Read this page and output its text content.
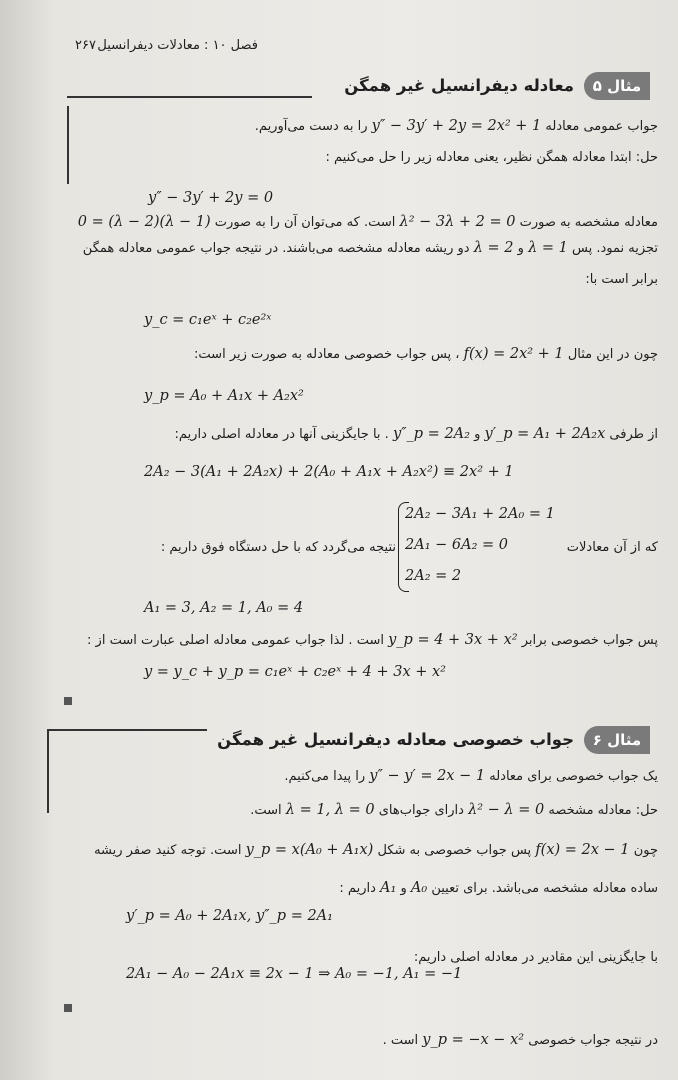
فصل ۱۰ : معادلات دیفرانسیل
۲۶۷
مثال ۵
معادله دیفرانسیل غیر همگن
جواب عمومی معادله y″ − 3y′ + 2y = 2x² + 1 را به دست می‌آوریم.
حل: ابتدا معادله همگن نظیر، یعنی معادله زیر را حل می‌کنیم :
y″ − 3y′ + 2y = 0
معادله مشخصه به صورت λ² − 3λ + 2 = 0 است. که می‌توان آن را به صورت (λ − 1)(λ − 2) = 0
تجزیه نمود. پس λ = 1 و λ = 2 دو ریشه معادله مشخصه می‌باشند. در نتیجه جواب عمومی معادله همگن
برابر است با:
y_c = c₁eˣ + c₂e²ˣ
چون در این مثال f(x) = 2x² + 1 ، پس جواب خصوصی معادله به صورت زیر است:
y_p = A₀ + A₁x + A₂x²
از طرفی y′_p = A₁ + 2A₂x و y″_p = 2A₂ . با جایگزینی آنها در معادله اصلی داریم:
2A₂ − 3(A₁ + 2A₂x) + 2(A₀ + A₁x + A₂x²) ≡ 2x² + 1
که از آن معادلات
2A₂ − 3A₁ + 2A₀ = 1
2A₁ − 6A₂ = 0
2A₂ = 2
نتیجه می‌گردد که با حل دستگاه فوق داریم :
A₁ = 3, A₂ = 1, A₀ = 4
پس جواب خصوصی برابر y_p = 4 + 3x + x² است . لذا جواب عمومی معادله اصلی عبارت است از :
y = y_c + y_p = c₁eˣ + c₂eˣ + 4 + 3x + x²
مثال ۶
جواب خصوصی معادله دیفرانسیل غیر همگن
یک جواب خصوصی برای معادله y″ − y′ = 2x − 1 را پیدا می‌کنیم.
حل: معادله مشخصه λ² − λ = 0 دارای جواب‌های λ = 1, λ = 0 است.
چون f(x) = 2x − 1 پس جواب خصوصی به شکل y_p = x(A₀ + A₁x) است. توجه کنید صفر ریشه
ساده معادله مشخصه می‌باشد. برای تعیین A₀ و A₁ داریم :
y′_p = A₀ + 2A₁x, y″_p = 2A₁
با جایگزینی این مقادیر در معادله اصلی داریم:
2A₁ − A₀ − 2A₁x ≡ 2x − 1 ⇒ A₀ = −1, A₁ = −1
در نتیجه جواب خصوصی y_p = −x − x² است .
